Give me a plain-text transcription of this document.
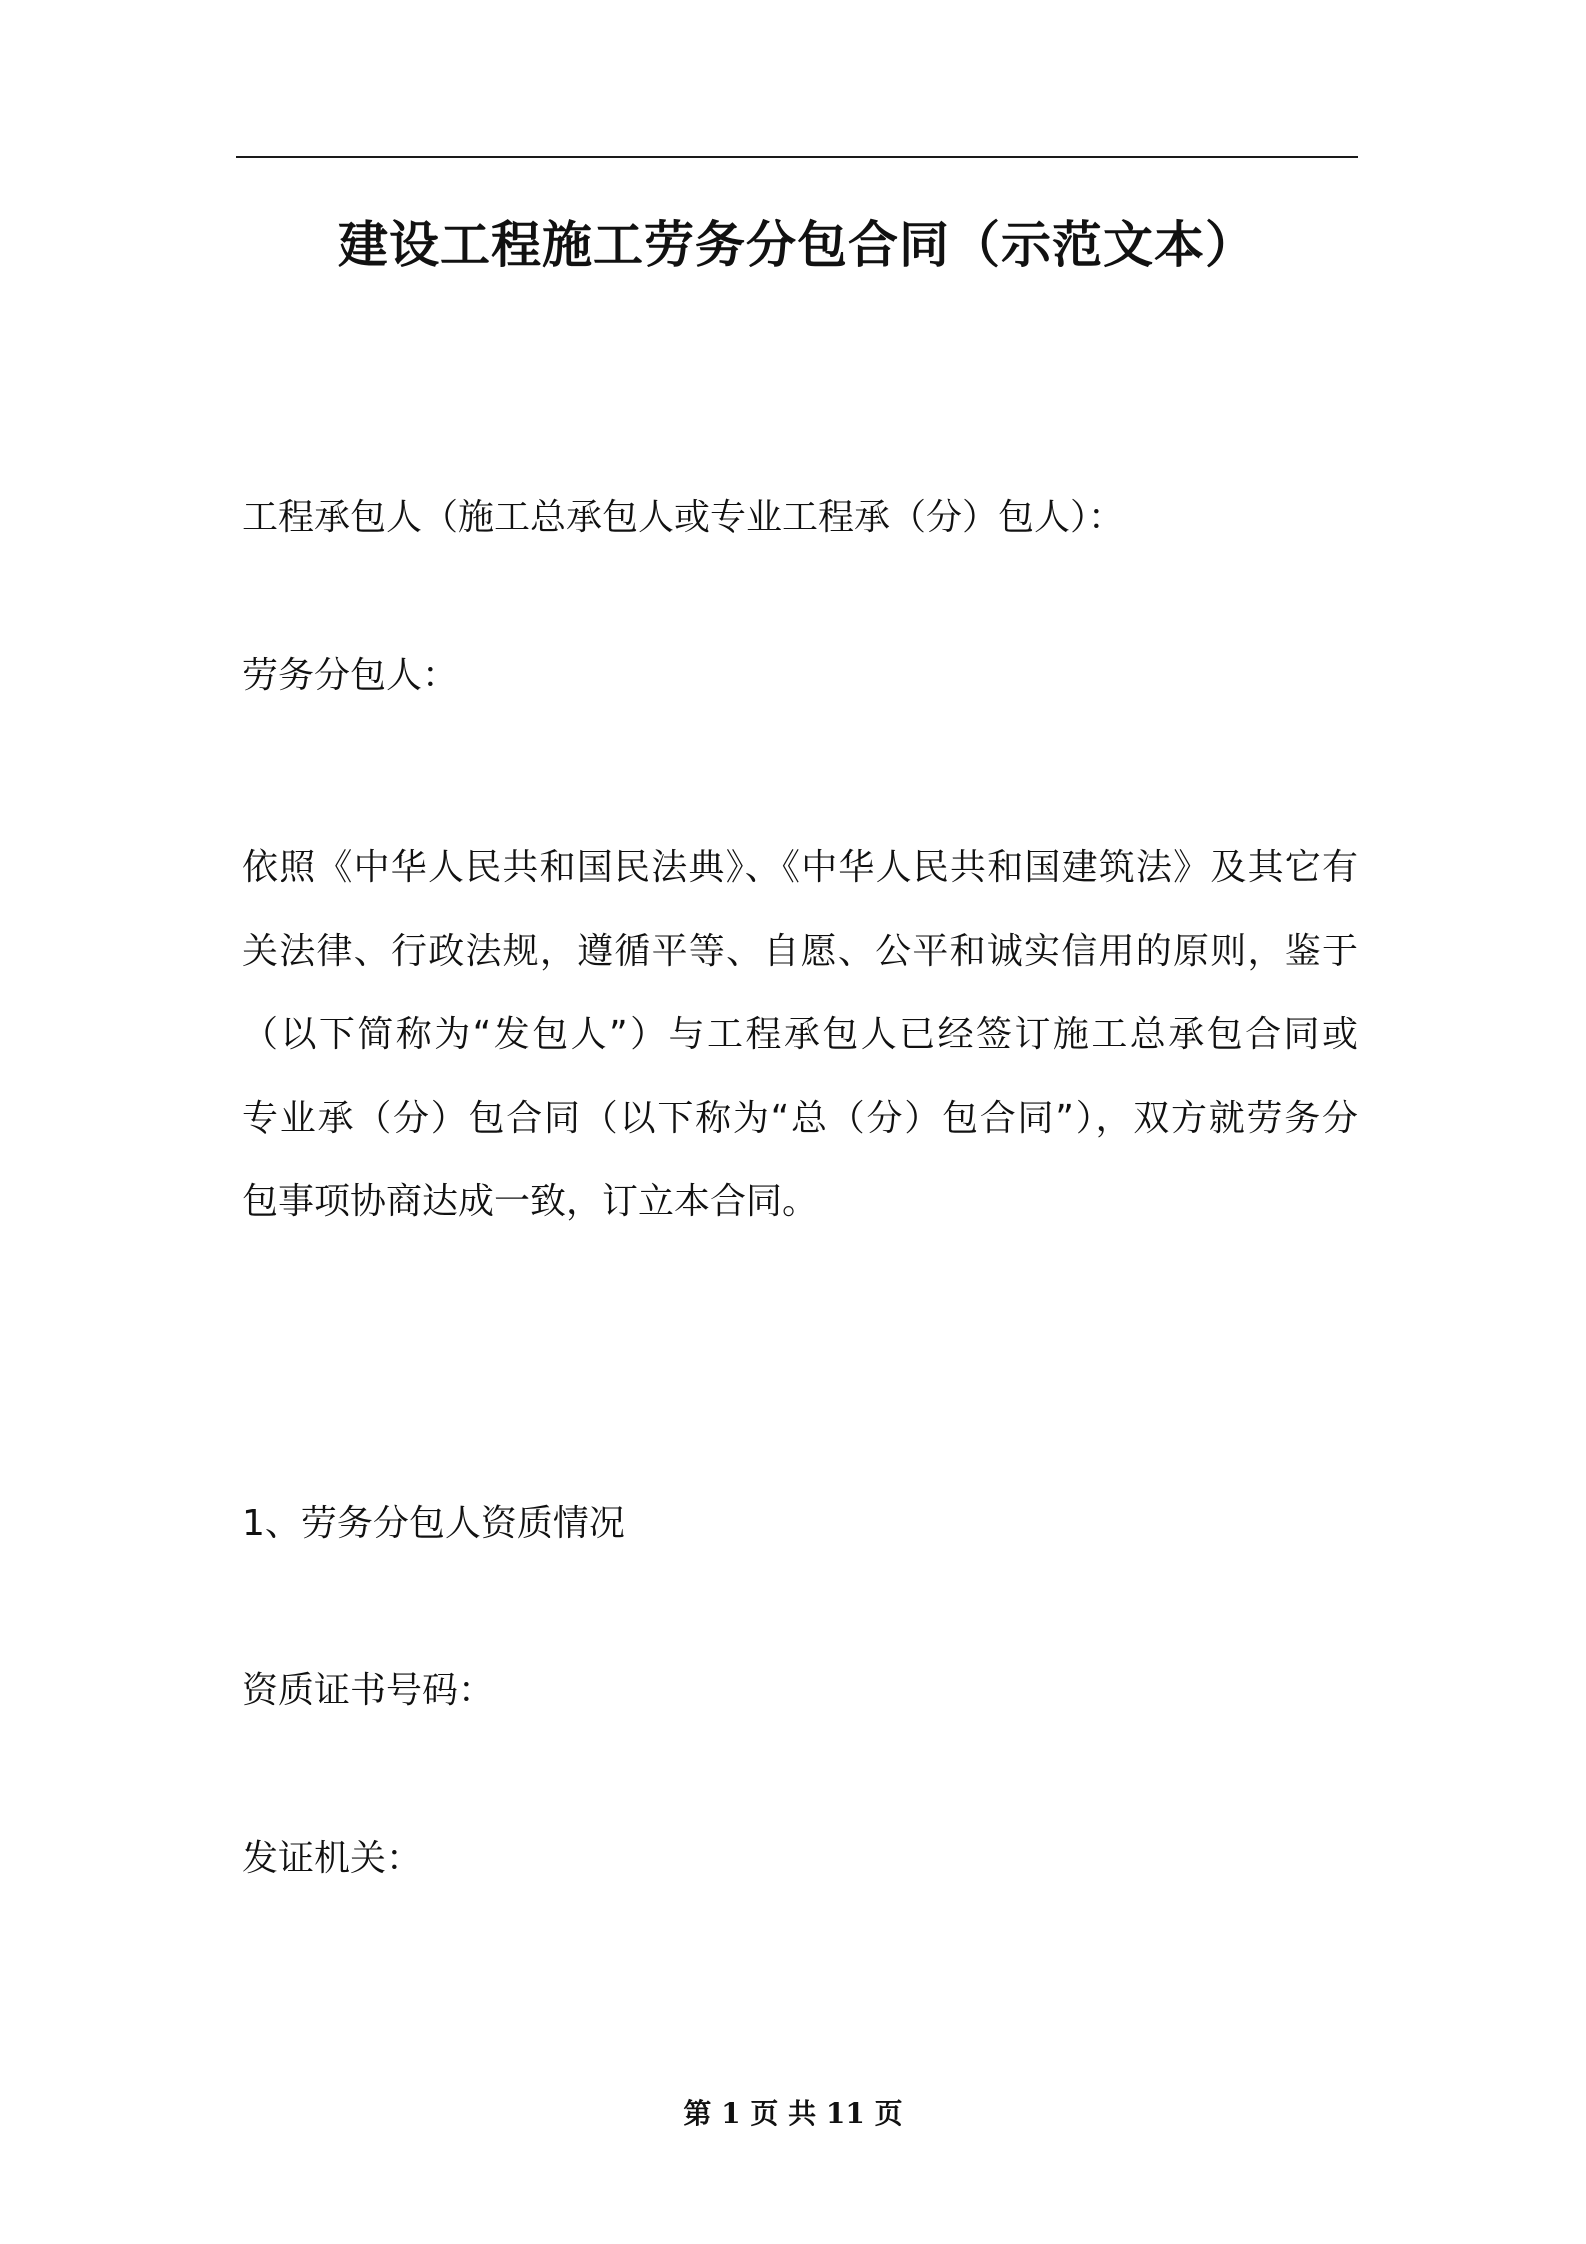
建设工程施工劳务分包合同（示范文本）

工程承包人（施工总承包人或专业工程承（分）包人）：

劳务分包人：

依照《中华人民共和国民法典》、《中华人民共和国建筑法》及其它有
关法律、行政法规，遵循平等、自愿、公平和诚实信用的原则，鉴于
（以下简称为“发包人”）与工程承包人已经签订施工总承包合同或
专业承（分）包合同（以下称为“总（分）包合同”），双方就劳务分
包事项协商达成一致，订立本合同。

1、劳务分包人资质情况

资质证书号码：

发证机关：

第 1 页 共 11 页
